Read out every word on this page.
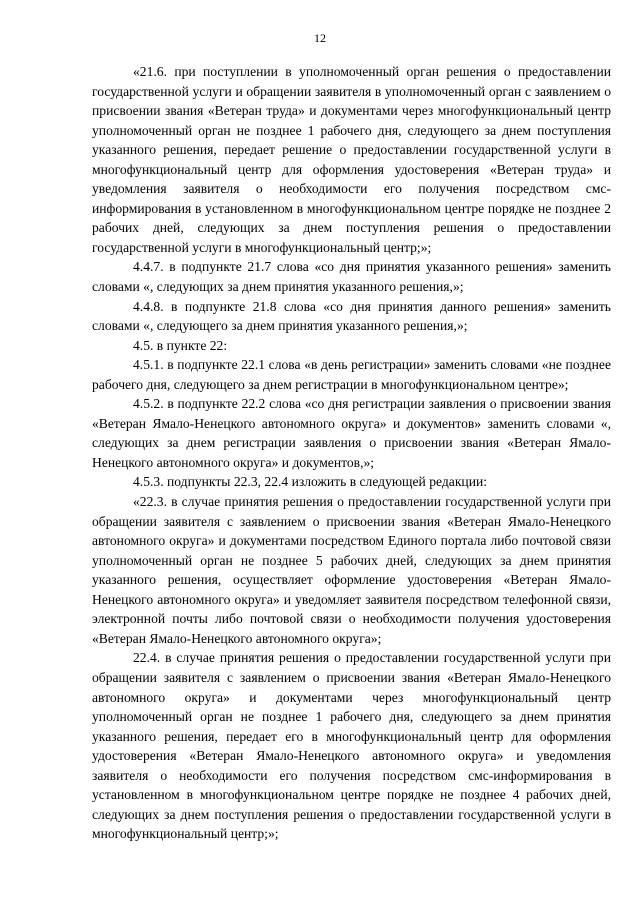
12

«21.6. при поступлении в уполномоченный орган решения о предоставлении государственной услуги и обращении заявителя в уполномоченный орган с заявлением о присвоении звания «Ветеран труда» и документами через многофункциональный центр уполномоченный орган не позднее 1 рабочего дня, следующего за днем поступления указанного решения, передает решение о предоставлении государственной услуги в многофункциональный центр для оформления удостоверения «Ветеран труда» и уведомления заявителя о необходимости его получения посредством смс-информирования в установленном в многофункциональном центре порядке не позднее 2 рабочих дней, следующих за днем поступления решения о предоставлении государственной услуги в многофункциональный центр;»;

4.4.7. в подпункте 21.7 слова «со дня принятия указанного решения» заменить словами «, следующих за днем принятия указанного решения,»;

4.4.8. в подпункте 21.8 слова «со дня принятия данного решения» заменить словами «, следующего за днем принятия указанного решения,»;

4.5. в пункте 22:

4.5.1. в подпункте 22.1 слова «в день регистрации» заменить словами «не позднее рабочего дня, следующего за днем регистрации в многофункциональном центре»;

4.5.2. в подпункте 22.2 слова «со дня регистрации заявления о присвоении звания «Ветеран Ямало-Ненецкого автономного округа» и документов» заменить словами «, следующих за днем регистрации заявления о присвоении звания «Ветеран Ямало-Ненецкого автономного округа» и документов,»;

4.5.3. подпункты 22.3, 22.4 изложить в следующей редакции:

«22.3. в случае принятия решения о предоставлении государственной услуги при обращении заявителя с заявлением о присвоении звания «Ветеран Ямало-Ненецкого автономного округа» и документами посредством Единого портала либо почтовой связи уполномоченный орган не позднее 5 рабочих дней, следующих за днем принятия указанного решения, осуществляет оформление удостоверения «Ветеран Ямало-Ненецкого автономного округа» и уведомляет заявителя посредством телефонной связи, электронной почты либо почтовой связи о необходимости получения удостоверения «Ветеран Ямало-Ненецкого автономного округа»;

22.4. в случае принятия решения о предоставлении государственной услуги при обращении заявителя с заявлением о присвоении звания «Ветеран Ямало-Ненецкого автономного округа» и документами через многофункциональный центр уполномоченный орган не позднее 1 рабочего дня, следующего за днем принятия указанного решения, передает его в многофункциональный центр для оформления удостоверения «Ветеран Ямало-Ненецкого автономного округа» и уведомления заявителя о необходимости его получения посредством смс-информирования в установленном в многофункциональном центре порядке не позднее 4 рабочих дней, следующих за днем поступления решения о предоставлении государственной услуги в многофункциональный центр;»;
